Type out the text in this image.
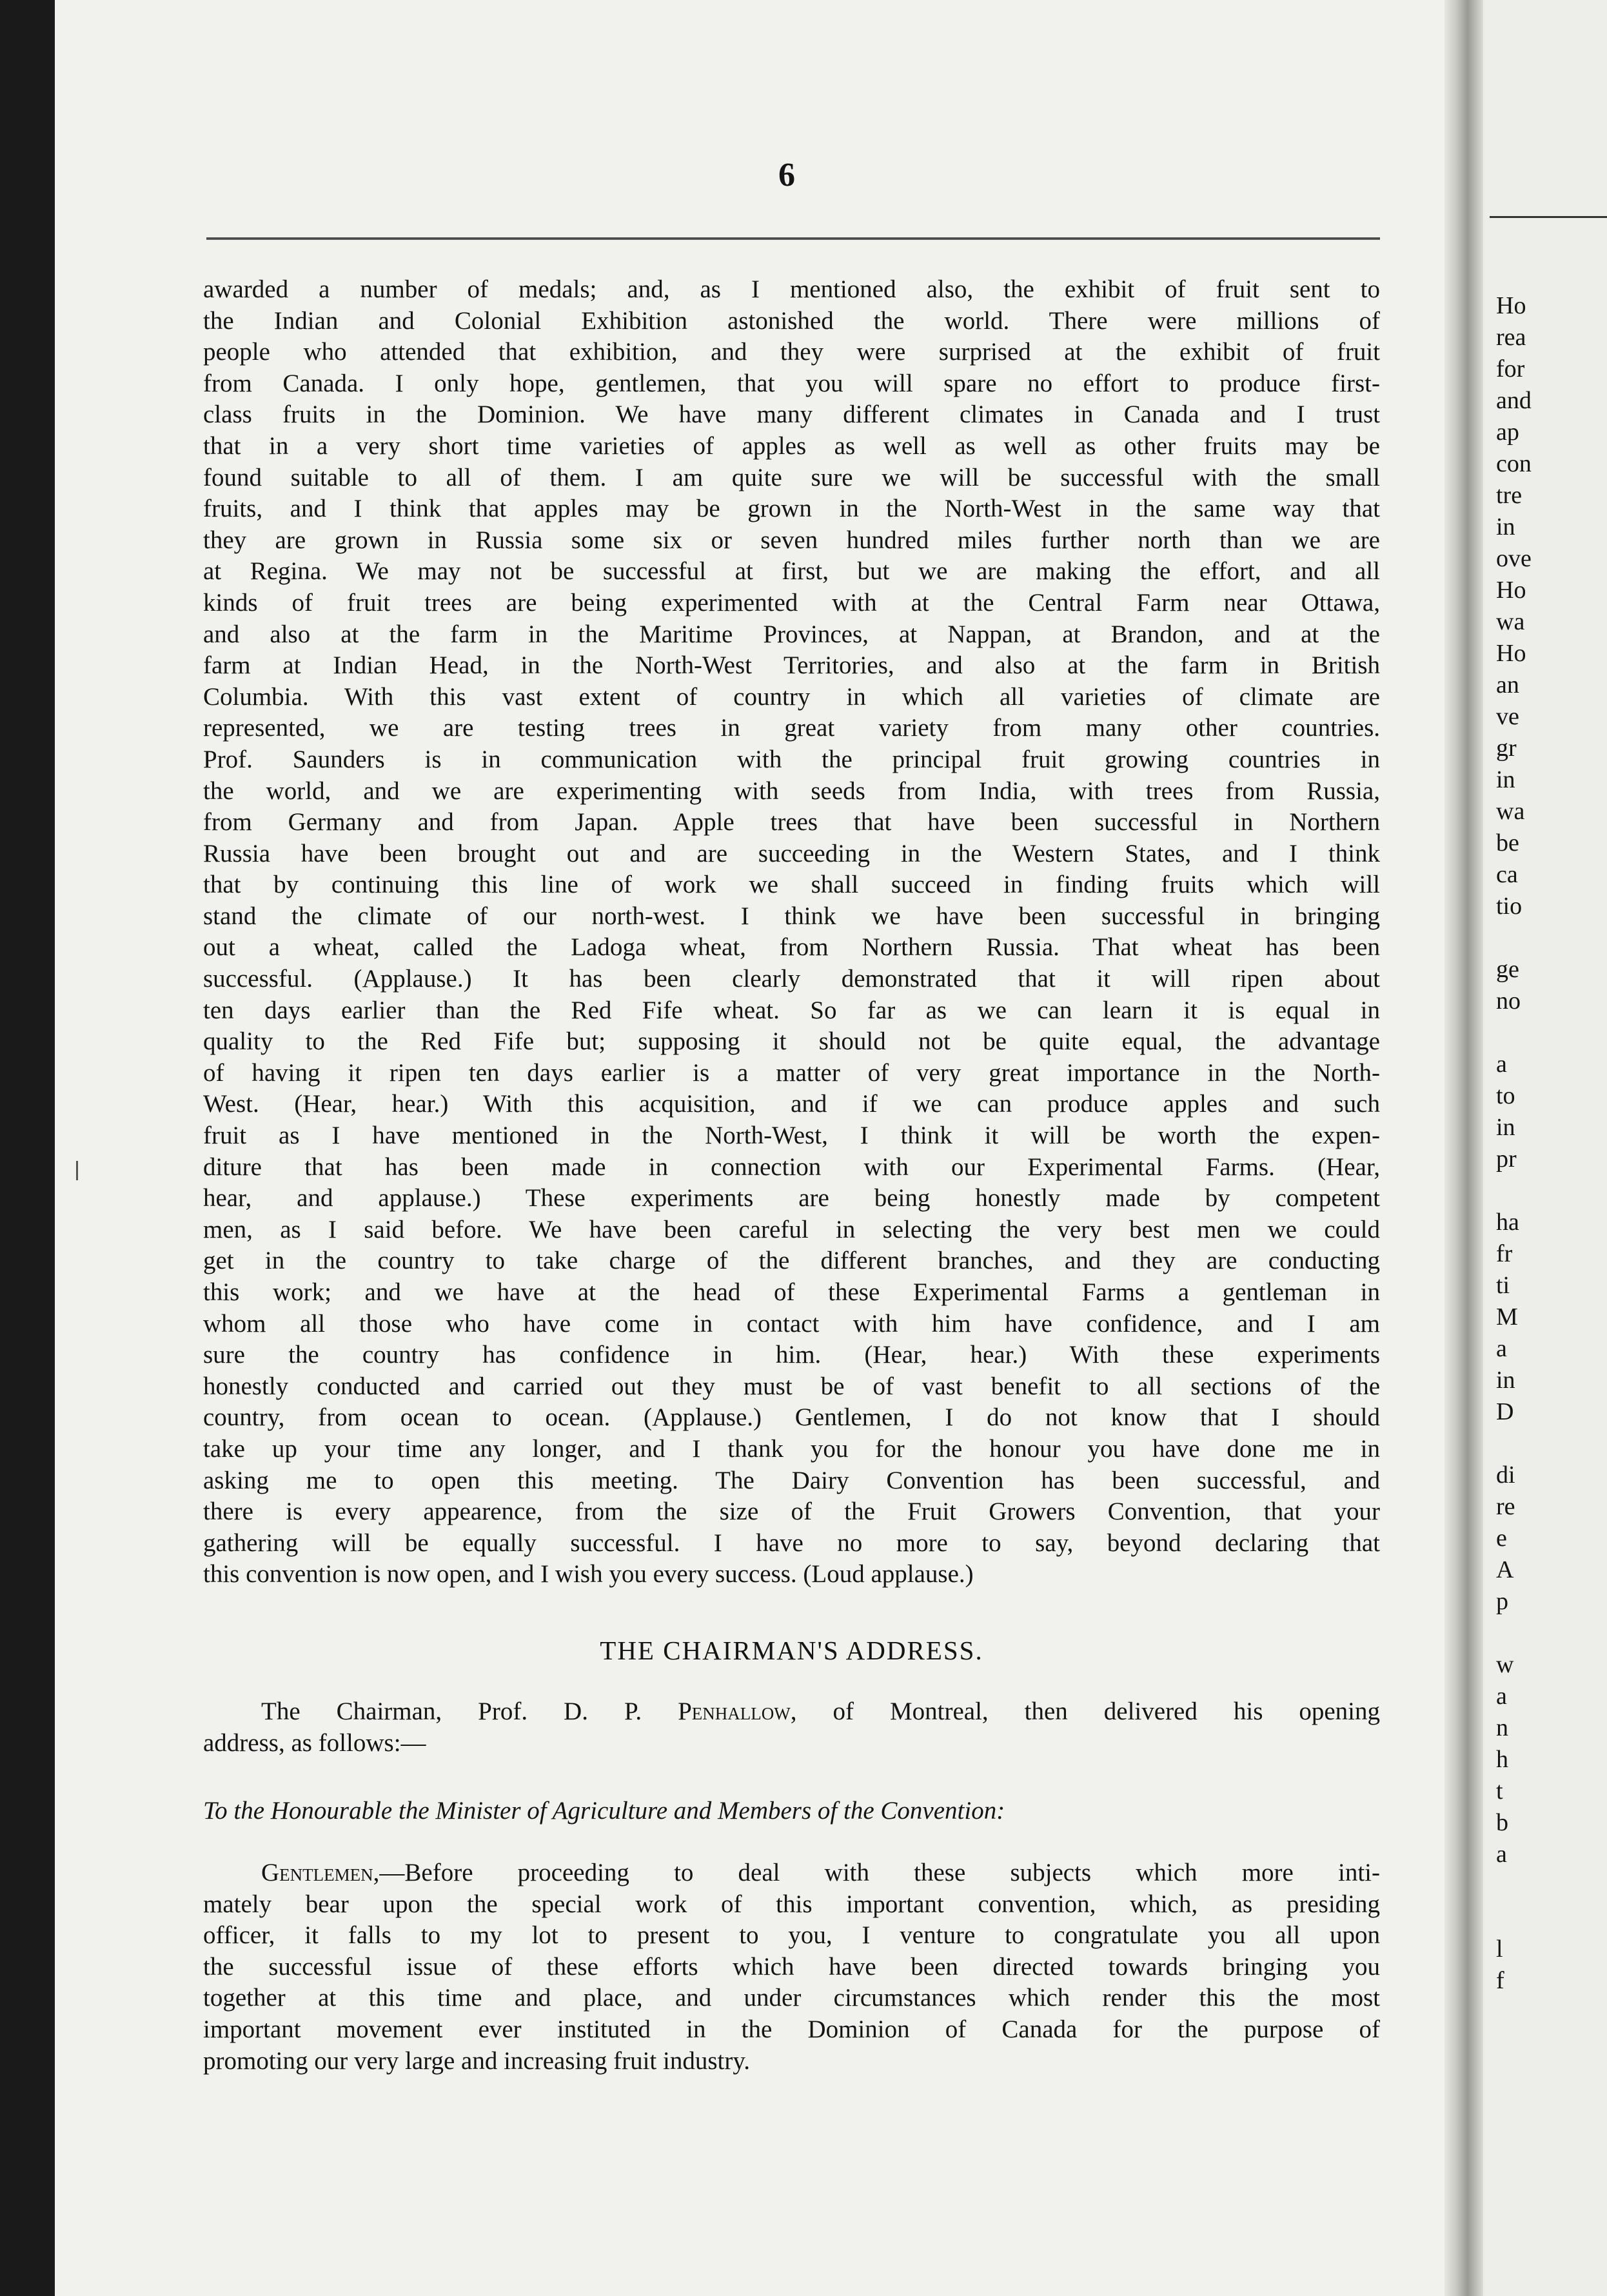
Ho
rea
for
and
ap
con
tre
in
ove
Ho
wa
Ho
an
ve
gr
in
wa
be
ca
tio
ge
no
a
to
in
pr
ha
fr
ti
M
a
in
D
di
re
e
A
p
w
a
n
h
t
b
a
l
f
6
awarded a number of medals; and, as I mentioned also, the exhibit of fruit sent to
the Indian and Colonial Exhibition astonished the world. There were millions of
people who attended that exhibition, and they were surprised at the exhibit of fruit
from Canada. I only hope, gentlemen, that you will spare no effort to produce first-
class fruits in the Dominion. We have many different climates in Canada and I trust
that in a very short time varieties of apples as well as well as other fruits may be
found suitable to all of them. I am quite sure we will be successful with the small
fruits, and I think that apples may be grown in the North-West in the same way that
they are grown in Russia some six or seven hundred miles further north than we are
at Regina. We may not be successful at first, but we are making the effort, and all
kinds of fruit trees are being experimented with at the Central Farm near Ottawa,
and also at the farm in the Maritime Provinces, at Nappan, at Brandon, and at the
farm at Indian Head, in the North-West Territories, and also at the farm in British
Columbia. With this vast extent of country in which all varieties of climate are
represented, we are testing trees in great variety from many other countries.
Prof. Saunders is in communication with the principal fruit growing countries in
the world, and we are experimenting with seeds from India, with trees from Russia,
from Germany and from Japan. Apple trees that have been successful in Northern
Russia have been brought out and are succeeding in the Western States, and I think
that by continuing this line of work we shall succeed in finding fruits which will
stand the climate of our north-west. I think we have been successful in bringing
out a wheat, called the Ladoga wheat, from Northern Russia. That wheat has been
successful. (Applause.) It has been clearly demonstrated that it will ripen about
ten days earlier than the Red Fife wheat. So far as we can learn it is equal in
quality to the Red Fife but; supposing it should not be quite equal, the advantage
of having it ripen ten days earlier is a matter of very great importance in the North-
West. (Hear, hear.) With this acquisition, and if we can produce apples and such
fruit as I have mentioned in the North-West, I think it will be worth the expen-
diture that has been made in connection with our Experimental Farms. (Hear,
hear, and applause.) These experiments are being honestly made by competent
men, as I said before. We have been careful in selecting the very best men we could
get in the country to take charge of the different branches, and they are conducting
this work; and we have at the head of these Experimental Farms a gentleman in
whom all those who have come in contact with him have confidence, and I am
sure the country has confidence in him. (Hear, hear.) With these experiments
honestly conducted and carried out they must be of vast benefit to all sections of the
country, from ocean to ocean. (Applause.) Gentlemen, I do not know that I should
take up your time any longer, and I thank you for the honour you have done me in
asking me to open this meeting. The Dairy Convention has been successful, and
there is every appearence, from the size of the Fruit Growers Convention, that your
gathering will be equally successful. I have no more to say, beyond declaring that
this convention is now open, and I wish you every success. (Loud applause.)
THE CHAIRMAN'S ADDRESS.
The Chairman, Prof. D. P. Penhallow, of Montreal, then delivered his opening
address, as follows:—
To the Honourable the Minister of Agriculture and Members of the Convention:
Gentlemen,—Before proceeding to deal with these subjects which more inti-
mately bear upon the special work of this important convention, which, as presiding
officer, it falls to my lot to present to you, I venture to congratulate you all upon
the successful issue of these efforts which have been directed towards bringing you
together at this time and place, and under circumstances which render this the most
important movement ever instituted in the Dominion of Canada for the purpose of
promoting our very large and increasing fruit industry.
